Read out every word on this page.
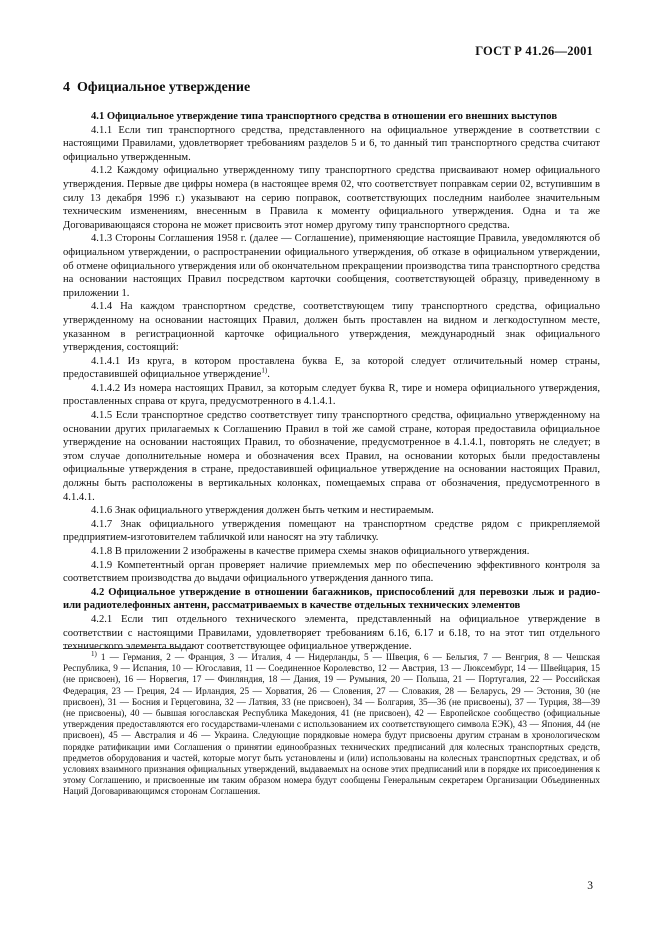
ГОСТ Р 41.26—2001
4 Официальное утверждение

4.1 Официальное утверждение типа транспортного средства в отношении его внешних выступов

4.1.1 Если тип транспортного средства, представленного на официальное утверждение в соответствии с настоящими Правилами, удовлетворяет требованиям разделов 5 и 6, то данный тип транспортного средства считают официально утвержденным.

4.1.2 Каждому официально утвержденному типу транспортного средства присваивают номер официального утверждения. Первые две цифры номера (в настоящее время 02, что соответствует поправкам серии 02, вступившим в силу 13 декабря 1996 г.) указывают на серию поправок, соответствующих последним наиболее значительным техническим изменениям, внесенным в Правила к моменту официального утверждения. Одна и та же Договаривающаяся сторона не может присвоить этот номер другому типу транспортного средства.

4.1.3 Стороны Соглашения 1958 г. (далее — Соглашение), применяющие настоящие Правила, уведомляются об официальном утверждении, о распространении официального утверждения, об отказе в официальном утверждении, об отмене официального утверждения или об окончательном прекращении производства типа транспортного средства на основании настоящих Правил посредством карточки сообщения, соответствующей образцу, приведенному в приложении 1.

4.1.4 На каждом транспортном средстве, соответствующем типу транспортного средства, официально утвержденному на основании настоящих Правил, должен быть проставлен на видном и легкодоступном месте, указанном в регистрационной карточке официального утверждения, международный знак официального утверждения, состоящий:

4.1.4.1 Из круга, в котором проставлена буква E, за которой следует отличительный номер страны, предоставившей официальное утверждение$^{1)}$.

4.1.4.2 Из номера настоящих Правил, за которым следует буква R, тире и номера официального утверждения, проставленных справа от круга, предусмотренного в 4.1.4.1.

4.1.5 Если транспортное средство соответствует типу транспортного средства, официально утвержденному на основании других прилагаемых к Соглашению Правил в той же самой стране, которая предоставила официальное утверждение на основании настоящих Правил, то обозначение, предусмотренное в 4.1.4.1, повторять не следует; в этом случае дополнительные номера и обозначения всех Правил, на основании которых были предоставлены официальные утверждения в стране, предоставившей официальное утверждение на основании настоящих Правил, должны быть расположены в вертикальных колонках, помещаемых справа от обозначения, предусмотренного в 4.1.4.1.

4.1.6 Знак официального утверждения должен быть четким и нестираемым.

4.1.7 Знак официального утверждения помещают на транспортном средстве рядом с прикрепляемой предприятием-изготовителем табличкой или наносят на эту табличку.

4.1.8 В приложении 2 изображены в качестве примера схемы знаков официального утверждения.

4.1.9 Компетентный орган проверяет наличие приемлемых мер по обеспечению эффективного контроля за соответствием производства до выдачи официального утверждения данного типа.

4.2 Официальное утверждение в отношении багажников, приспособлений для перевозки лыж и радио- или радиотелефонных антенн, рассматриваемых в качестве отдельных технических элементов

4.2.1 Если тип отдельного технического элемента, представленный на официальное утверждение в соответствии с настоящими Правилами, удовлетворяет требованиям 6.16, 6.17 и 6.18, то на этот тип отдельного технического элемента выдают соответствующее официальное утверждение.

$^{1)}$ 1 — Германия, 2 — Франция, 3 — Италия, 4 — Нидерланды, 5 — Швеция, 6 — Бельгия, 7 — Венгрия, 8 — Чешская Республика, 9 — Испания, 10 — Югославия, 11 — Соединенное Королевство, 12 — Австрия, 13 — Люксембург, 14 — Швейцария, 15 (не присвоен), 16 — Норвегия, 17 — Финляндия, 18 — Дания, 19 — Румыния, 20 — Польша, 21 — Португалия, 22 — Российская Федерация, 23 — Греция, 24 — Ирландия, 25 — Хорватия, 26 — Словения, 27 — Словакия, 28 — Беларусь, 29 — Эстония, 30 (не присвоен), 31 — Босния и Герцеговина, 32 — Латвия, 33 (не присвоен), 34 — Болгария, 35—36 (не присвоены), 37 — Турция, 38—39 (не присвоены), 40 — бывшая югославская Республика Македония, 41 (не присвоен), 42 — Европейское сообщество (официальные утверждения предоставляются его государствами-членами с использованием их соответствующего символа ЕЭК), 43 — Япония, 44 (не присвоен), 45 — Австралия и 46 — Украина. Следующие порядковые номера будут присвоены другим странам в хронологическом порядке ратификации ими Соглашения о принятии единообразных технических предписаний для колесных транспортных средств, предметов оборудования и частей, которые могут быть установлены и (или) использованы на колесных транспортных средствах, и об условиях взаимного признания официальных утверждений, выдаваемых на основе этих предписаний или в порядке их присоединения к этому Соглашению, и присвоенные им таким образом номера будут сообщены Генеральным секретарем Организации Объединенных Наций Договаривающимся сторонам Соглашения.

3
